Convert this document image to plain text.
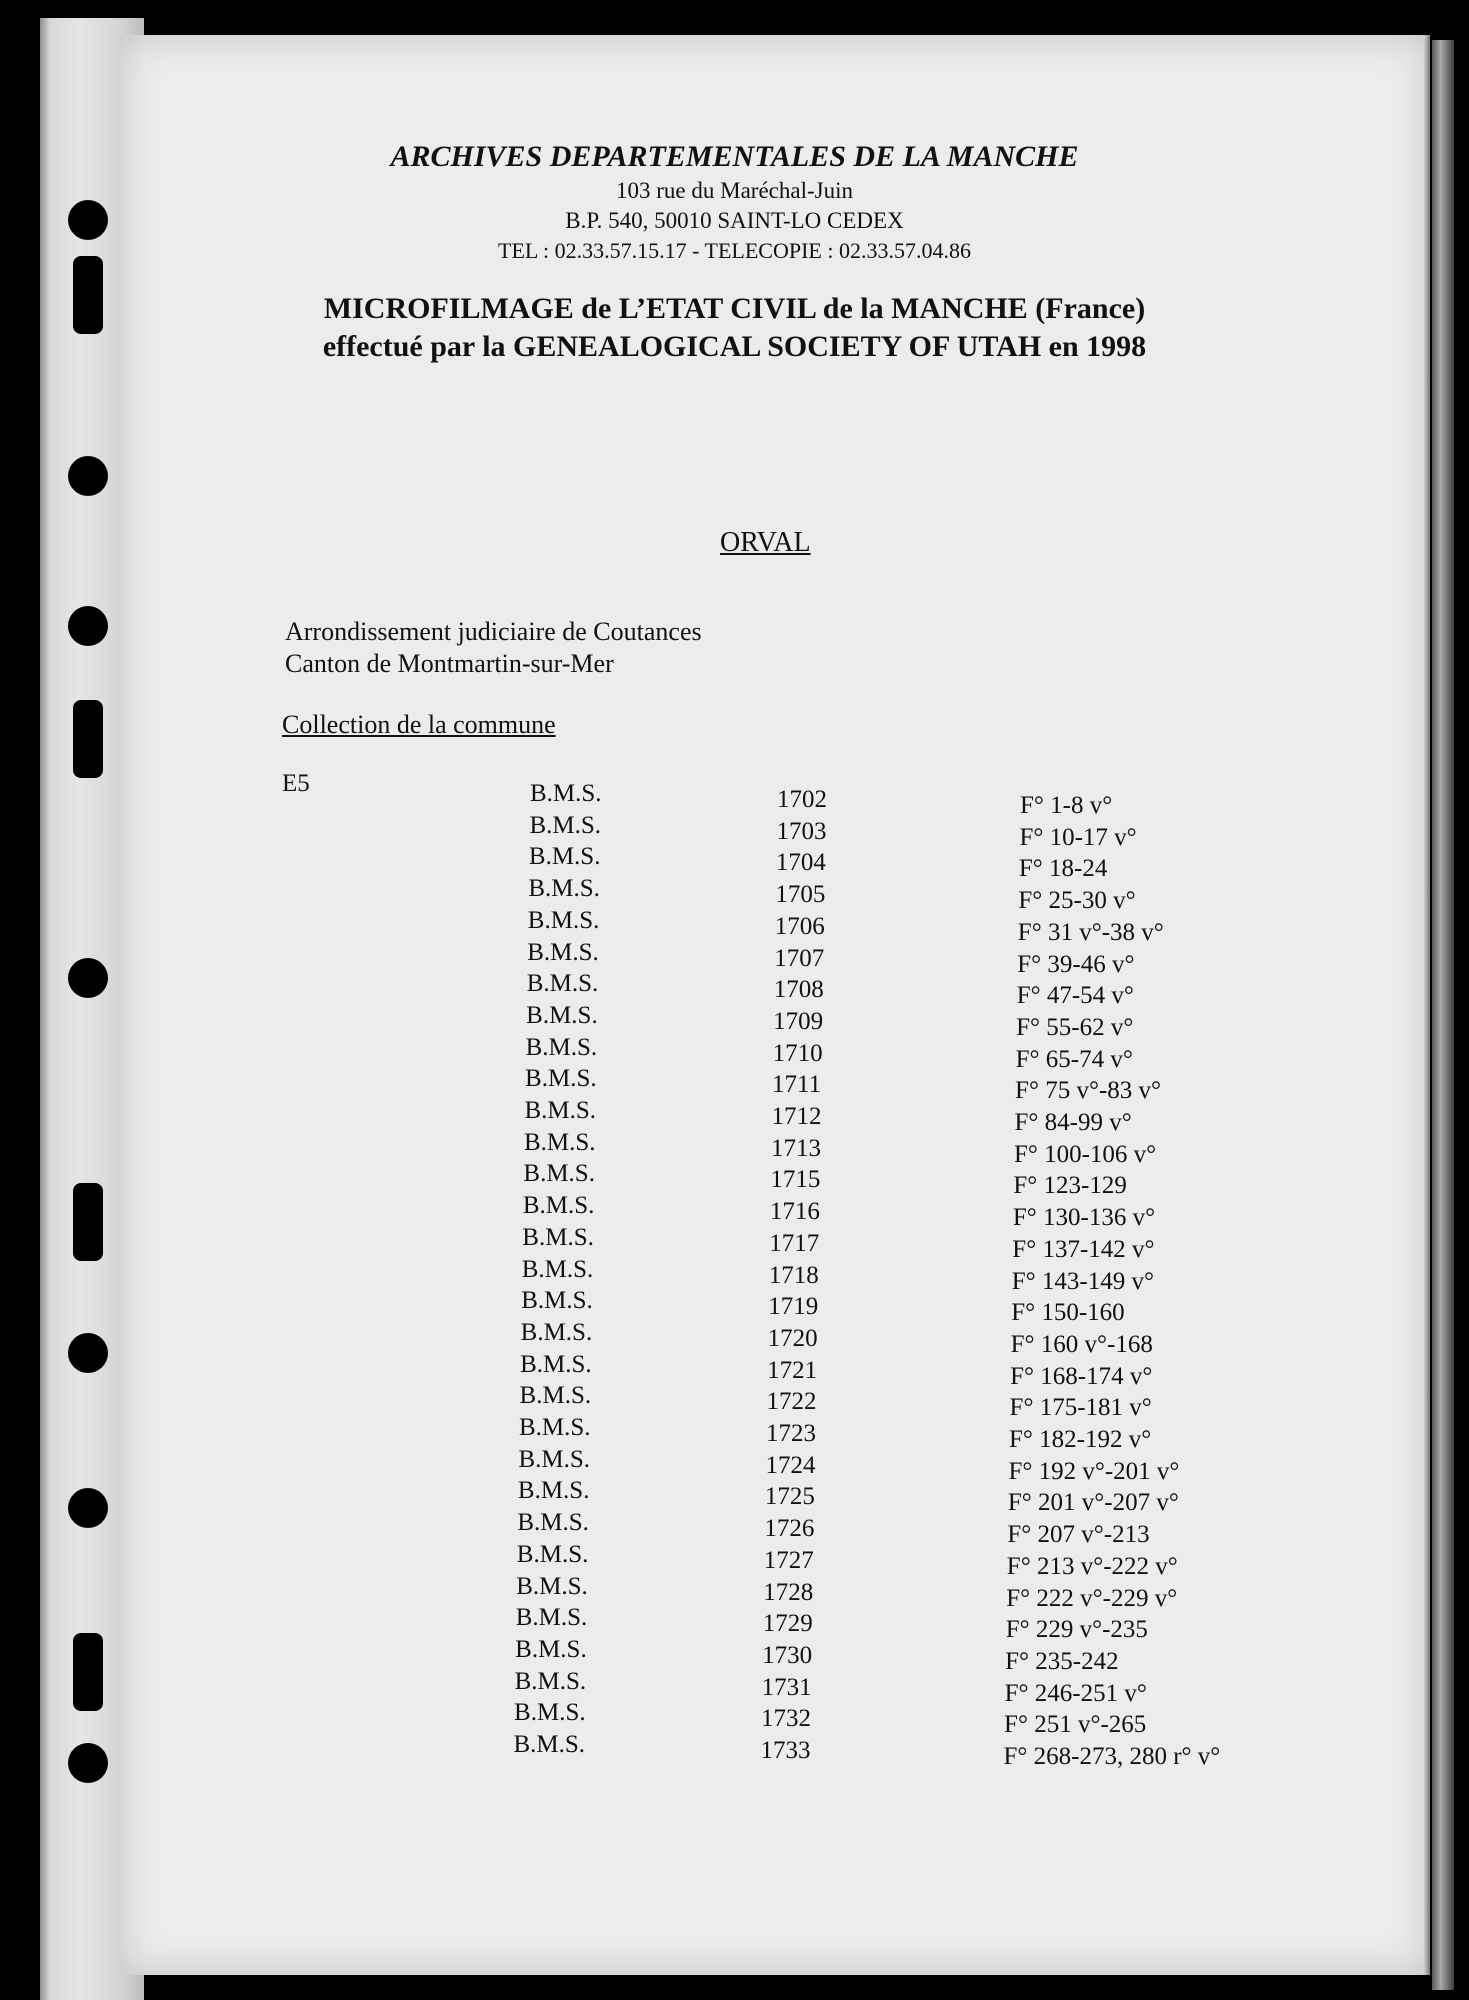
ARCHIVES DEPARTEMENTALES DE LA MANCHE
103 rue du Maréchal-Juin
B.P. 540, 50010 SAINT-LO CEDEX
TEL : 02.33.57.15.17 - TELECOPIE : 02.33.57.04.86
MICROFILMAGE de L’ETAT CIVIL de la MANCHE (France)
effectué par la GENEALOGICAL SOCIETY OF UTAH en 1998
ORVAL
Arrondissement judiciaire de Coutances
Canton de Montmartin-sur-Mer
Collection de la commune
E5	B.M.S.	1702	F° 1-8 v°
B.M.S.	1703	F° 10-17 v°
B.M.S.	1704	F° 18-24
B.M.S.	1705	F° 25-30 v°
B.M.S.	1706	F° 31 v°-38 v°
B.M.S.	1707	F° 39-46 v°
B.M.S.	1708	F° 47-54 v°
B.M.S.	1709	F° 55-62 v°
B.M.S.	1710	F° 65-74 v°
B.M.S.	1711	F° 75 v°-83 v°
B.M.S.	1712	F° 84-99 v°
B.M.S.	1713	F° 100-106 v°
B.M.S.	1715	F° 123-129
B.M.S.	1716	F° 130-136 v°
B.M.S.	1717	F° 137-142 v°
B.M.S.	1718	F° 143-149 v°
B.M.S.	1719	F° 150-160
B.M.S.	1720	F° 160 v°-168
B.M.S.	1721	F° 168-174 v°
B.M.S.	1722	F° 175-181 v°
B.M.S.	1723	F° 182-192 v°
B.M.S.	1724	F° 192 v°-201 v°
B.M.S.	1725	F° 201 v°-207 v°
B.M.S.	1726	F° 207 v°-213
B.M.S.	1727	F° 213 v°-222 v°
B.M.S.	1728	F° 222 v°-229 v°
B.M.S.	1729	F° 229 v°-235
B.M.S.	1730	F° 235-242
B.M.S.	1731	F° 246-251 v°
B.M.S.	1732	F° 251 v°-265
B.M.S.	1733	F° 268-273, 280 r° v°
